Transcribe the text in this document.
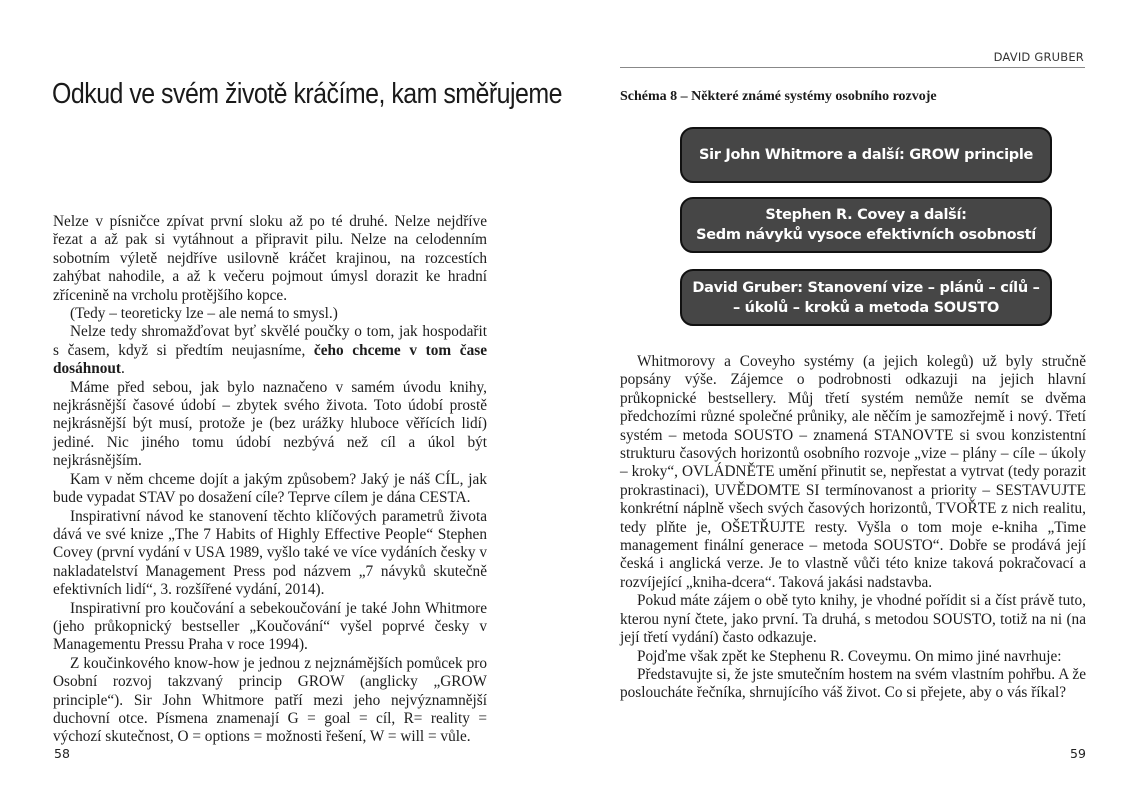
Odkud ve svém životě kráčíme, kam směřujeme

Nelze v písničce zpívat první sloku až po té druhé. Nelze nejdříve řezat a až pak si vytáhnout a připravit pilu. Nelze na celodenním sobotním výletě nejdříve usilovně kráčet krajinou, na rozcestích zahýbat nahodile, a až k večeru pojmout úmysl dorazit ke hradní zřícenině na vrcholu protějšího kopce.

(Tedy – teoreticky lze – ale nemá to smysl.)

Nelze tedy shromažďovat byť skvělé poučky o tom, jak hospodařit s časem, když si předtím neujasníme, čeho chceme v tom čase dosáhnout.

Máme před sebou, jak bylo naznačeno v samém úvodu knihy, nejkrásnější časové údobí – zbytek svého života. Toto údobí prostě nejkrásnější být musí, protože je (bez urážky hluboce věřících lidí) jediné. Nic jiného tomu údobí nezbývá než cíl a úkol být nejkrásnějším.

Kam v něm chceme dojít a jakým způsobem? Jaký je náš CÍL, jak bude vypadat STAV po dosažení cíle? Teprve cílem je dána CESTA.

Inspirativní návod ke stanovení těchto klíčových parametrů života dává ve své knize „The 7 Habits of Highly Effective People“ Stephen Covey (první vydání v USA 1989, vyšlo také ve více vydáních česky v nakladatelství Management Press pod názvem „7 návyků skutečně efektivních lidí“, 3. rozšířené vydání, 2014).

Inspirativní pro koučování a sebekoučování je také John Whitmore (jeho průkopnický bestseller „Koučování“ vyšel poprvé česky v Managementu Pressu Praha v roce 1994).

Z koučinkového know-how je jednou z nejznámějších pomůcek pro Osobní rozvoj takzvaný princip GROW (anglicky „GROW principle“). Sir John Whitmore patří mezi jeho nejvýznamnější duchovní otce. Písmena znamenají G = goal = cíl, R= reality = výchozí skutečnost, O = options = možnosti řešení, W = will = vůle.

58
DAVID GRUBER
Schéma 8 – Některé známé systémy osobního rozvoje
Sir John Whitmore a další: GROW principle
Stephen R. Covey a další:
Sedm návyků vysoce efektivních osobností
David Gruber: Stanovení vize – plánů – cílů –
– úkolů – kroků a metoda SOUSTO

Whitmorovy a Coveyho systémy (a jejich kolegů) už byly stručně popsány výše. Zájemce o podrobnosti odkazuji na jejich hlavní průkopnické bestsellery. Můj třetí systém nemůže nemít se dvěma předchozími různé společné průniky, ale něčím je samozřejmě i nový. Třetí systém – metoda SOUSTO – znamená STANOVTE si svou konzistentní strukturu časových horizontů osobního rozvoje „vize – plány – cíle – úkoly – kroky“, OVLÁDNĚTE umění přinutit se, nepřestat a vytrvat (tedy porazit prokrastinaci), UVĚDOMTE SI termínovanost a priority – SESTAVUJTE konkrétní náplně všech svých časových horizontů, TVOŘTE z nich realitu, tedy plňte je, OŠETŘUJTE resty. Vyšla o tom moje e-kniha „Time management finální generace – metoda SOUSTO“. Dobře se prodává její česká i anglická verze. Je to vlastně vůči této knize taková pokračovací a rozvíjející „kniha-dcera“. Taková jakási nadstavba.

Pokud máte zájem o obě tyto knihy, je vhodné pořídit si a číst právě tuto, kterou nyní čtete, jako první. Ta druhá, s metodou SOUSTO, totiž na ni (na její třetí vydání) často odkazuje.

Pojďme však zpět ke Stephenu R. Coveymu. On mimo jiné navrhuje:

Představujte si, že jste smutečním hostem na svém vlastním pohřbu. A že posloucháte řečníka, shrnujícího váš život. Co si přejete, aby o vás říkal?

59
